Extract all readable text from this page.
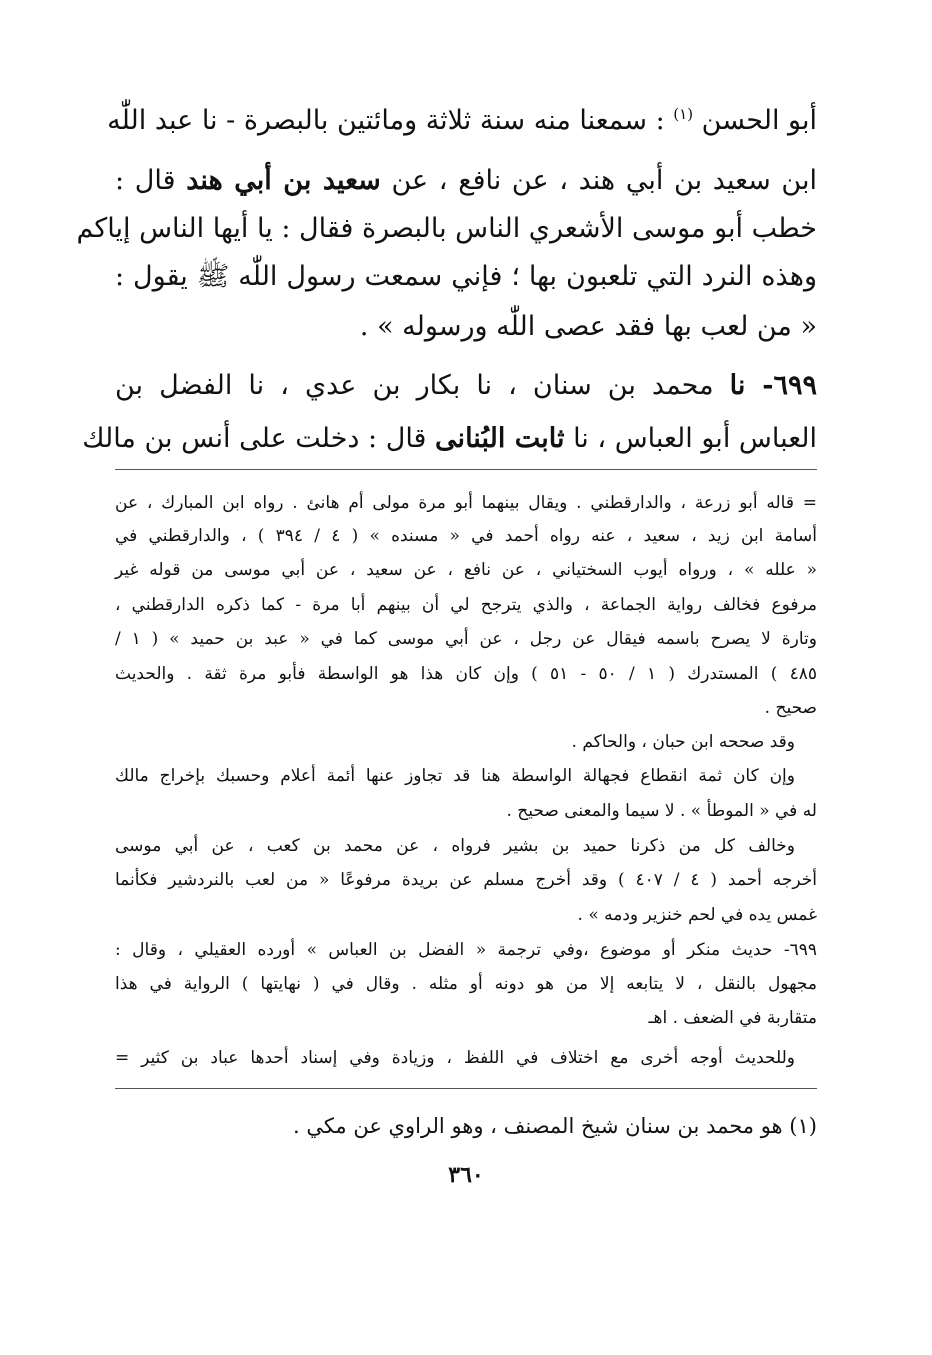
أبو الحسن $^{(١)}$ : سمعنا منه سنة ثلاثة ومائتين بالبصرة - نا عبد اللّٰه
ابن سعيد بن أبي هند ، عن نافع ، عن سعيد بن أبي هند قال :
خطب أبو موسى الأشعري الناس بالبصرة فقال : يا أيها الناس إياكم
وهذه النرد التي تلعبون بها ؛ فإني سمعت رسول اللّٰه ﷺ يقول :
« من لعب بها فقد عصى اللّٰه ورسوله » .
٦٩٩- نا محمد بن سنان ، نا بكار بن عدي ، نا الفضل بن
العباس أبو العباس ، نا ثابت البُنانى قال : دخلت على أنس بن مالك
= قاله أبو زرعة ، والدارقطني . ويقال بينهما أبو مرة مولى أم هانئ . رواه ابن المبارك ، عن
أسامة ابن زيد ، سعيد ، عنه رواه أحمد في « مسنده » ( ٤ / ٣٩٤ ) ، والدارقطني في
« علله » ، ورواه أيوب السختياني ، عن نافع ، عن سعيد ، عن أبي موسى من قوله غير
مرفوع فخالف رواية الجماعة ، والذي يترجح لي أن بينهم أبا مرة - كما ذكره الدارقطني ،
وتارة لا يصرح باسمه فيقال عن رجل ، عن أبي موسى كما في « عبد بن حميد » ( ١ /
٤٨٥ ) المستدرك ( ١ / ٥٠ - ٥١ ) وإن كان هذا هو الواسطة فأبو مرة ثقة . والحديث
صحيح .
وقد صححه ابن حبان ، والحاكم .
وإن كان ثمة انقطاع فجهالة الواسطة هنا قد تجاوز عنها أئمة أعلام وحسبك بإخراج مالك
له في « الموطأ » . لا سيما والمعنى صحيح .
وخالف كل من ذكرنا حميد بن بشير فرواه ، عن محمد بن كعب ، عن أبي موسى
أخرجه أحمد ( ٤ / ٤٠٧ ) وقد أخرج مسلم عن بريدة مرفوعًا « من لعب بالنردشير فكأنما
غمس يده في لحم خنزير ودمه » .
٦٩٩- حديث منكر أو موضوع ،وفي ترجمة « الفضل بن العباس » أورده العقيلي ، وقال :
مجهول بالنقل ، لا يتابعه إلا من هو دونه أو مثله . وقال في ( نهايتها ) الرواية في هذا
متقاربة في الضعف . اهـ
وللحديث أوجه أخرى مع اختلاف في اللفظ ، وزيادة وفي إسناد أحدها عباد بن كثير =
(١) هو محمد بن سنان شيخ المصنف ، وهو الراوي عن مكي .
٣٦٠
